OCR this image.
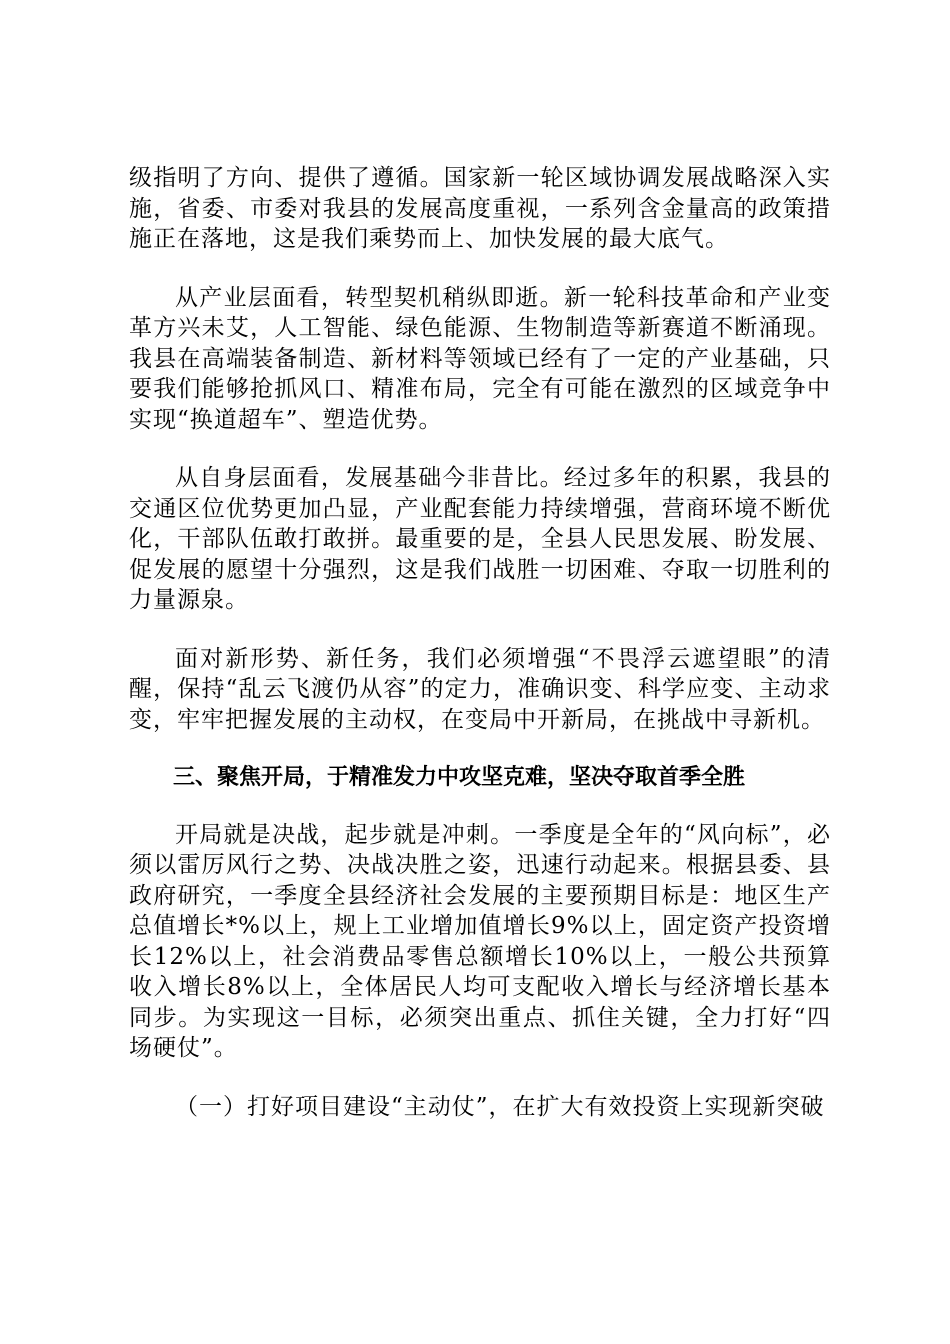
级指明了方向、提供了遵循。国家新一轮区域协调发展战略深入实施，省委、市委对我县的发展高度重视，一系列含金量高的政策措施正在落地，这是我们乘势而上、加快发展的最大底气。

从产业层面看，转型契机稍纵即逝。新一轮科技革命和产业变革方兴未艾，人工智能、绿色能源、生物制造等新赛道不断涌现。我县在高端装备制造、新材料等领域已经有了一定的产业基础，只要我们能够抢抓风口、精准布局，完全有可能在激烈的区域竞争中实现“换道超车”、塑造优势。

从自身层面看，发展基础今非昔比。经过多年的积累，我县的交通区位优势更加凸显，产业配套能力持续增强，营商环境不断优化，干部队伍敢打敢拼。最重要的是，全县人民思发展、盼发展、促发展的愿望十分强烈，这是我们战胜一切困难、夺取一切胜利的力量源泉。

面对新形势、新任务，我们必须增强“不畏浮云遮望眼”的清醒，保持“乱云飞渡仍从容”的定力，准确识变、科学应变、主动求变，牢牢把握发展的主动权，在变局中开新局，在挑战中寻新机。

三、聚焦开局，于精准发力中攻坚克难，坚决夺取首季全胜

开局就是决战，起步就是冲刺。一季度是全年的“风向标”，必须以雷厉风行之势、决战决胜之姿，迅速行动起来。根据县委、县政府研究，一季度全县经济社会发展的主要预期目标是：地区生产总值增长*%以上，规上工业增加值增长9%以上，固定资产投资增长12%以上，社会消费品零售总额增长10%以上，一般公共预算收入增长8%以上，全体居民人均可支配收入增长与经济增长基本同步。为实现这一目标，必须突出重点、抓住关键，全力打好“四场硬仗”。

（一）打好项目建设“主动仗”，在扩大有效投资上实现新突破
